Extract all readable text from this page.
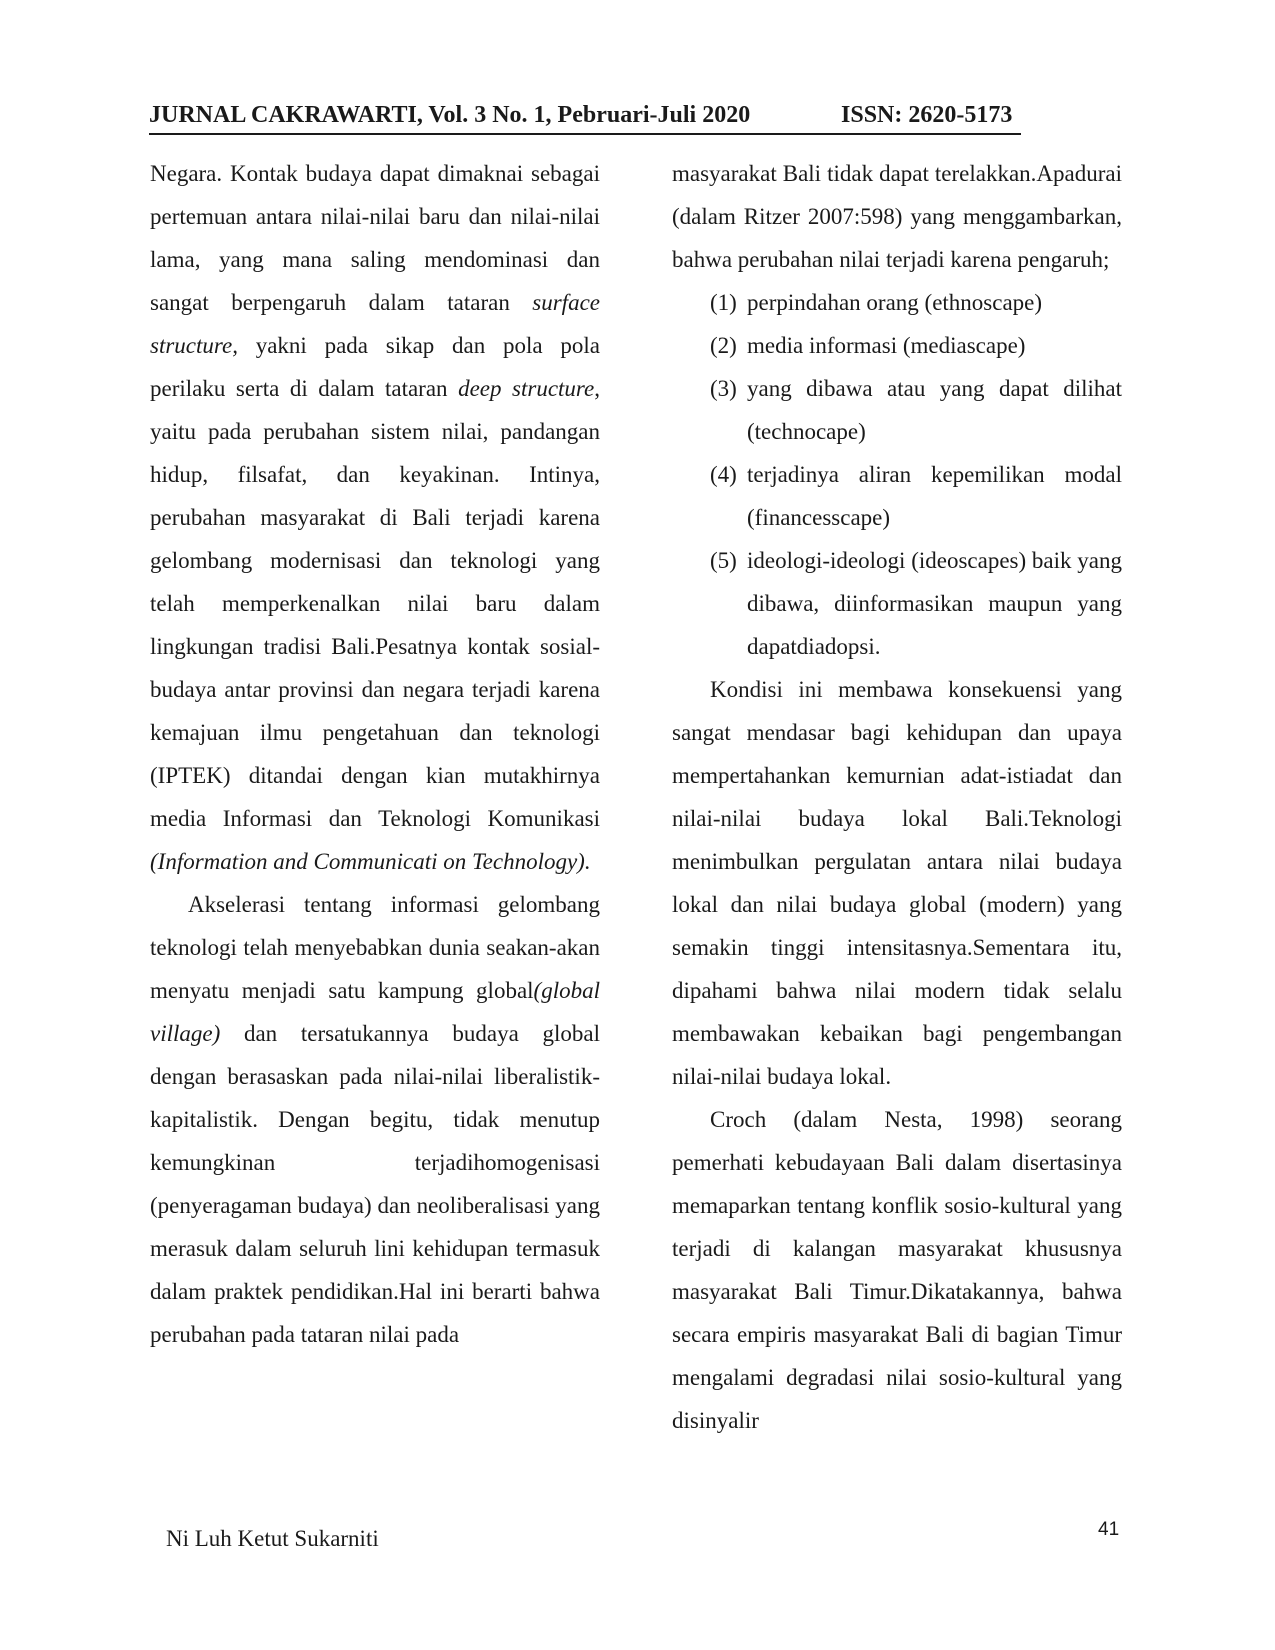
JURNAL CAKRAWARTI, Vol. 3 No. 1, Pebruari-Juli 2020	ISSN: 2620-5173

Negara. Kontak budaya dapat dimaknai sebagai pertemuan antara nilai-nilai baru dan nilai-nilai lama, yang mana saling mendominasi dan sangat berpengaruh dalam tataran surface structure, yakni pada sikap dan pola pola perilaku serta di dalam tataran deep structure, yaitu pada perubahan sistem nilai, pandangan hidup, filsafat, dan keyakinan. Intinya, perubahan masyarakat di Bali terjadi karena gelombang modernisasi dan teknologi yang telah memperkenalkan nilai baru dalam lingkungan tradisi Bali.Pesatnya kontak sosial-budaya antar provinsi dan negara terjadi karena kemajuan ilmu pengetahuan dan teknologi (IPTEK) ditandai dengan kian mutakhirnya media Informasi dan Teknologi Komunikasi (Information and Communicati on Technology).

Akselerasi tentang informasi gelombang teknologi telah menyebabkan dunia seakan-akan menyatu menjadi satu kampung global(global village) dan tersatukannya budaya global dengan berasaskan pada nilai-nilai liberalistik-kapitalistik. Dengan begitu, tidak menutup kemungkinan terjadihomogenisasi (penyeragaman budaya) dan neoliberalisasi yang merasuk dalam seluruh lini kehidupan termasuk dalam praktek pendidikan.Hal ini berarti bahwa perubahan pada tataran nilai pada

masyarakat Bali tidak dapat terelakkan.Apadurai (dalam Ritzer 2007:598) yang menggambarkan, bahwa perubahan nilai terjadi karena pengaruh;

(1) perpindahan orang (ethnoscape)
(2) media informasi (mediascape)
(3) yang dibawa atau yang dapat dilihat (technocape)
(4) terjadinya aliran kepemilikan modal (financesscape)
(5) ideologi-ideologi (ideoscapes) baik yang dibawa, diinformasikan maupun yang dapatdiadopsi.

Kondisi ini membawa konsekuensi yang sangat mendasar bagi kehidupan dan upaya mempertahankan kemurnian adat-istiadat dan nilai-nilai budaya lokal Bali.Teknologi menimbulkan pergulatan antara nilai budaya lokal dan nilai budaya global (modern) yang semakin tinggi intensitasnya.Sementara itu, dipahami bahwa nilai modern tidak selalu membawakan kebaikan bagi pengembangan nilai-nilai budaya lokal.

Croch (dalam Nesta, 1998) seorang pemerhati kebudayaan Bali dalam disertasinya memaparkan tentang konflik sosio-kultural yang terjadi di kalangan masyarakat khususnya masyarakat Bali Timur.Dikatakannya, bahwa secara empiris masyarakat Bali di bagian Timur mengalami degradasi nilai sosio-kultural yang disinyalir

Ni Luh Ketut Sukarniti	41
